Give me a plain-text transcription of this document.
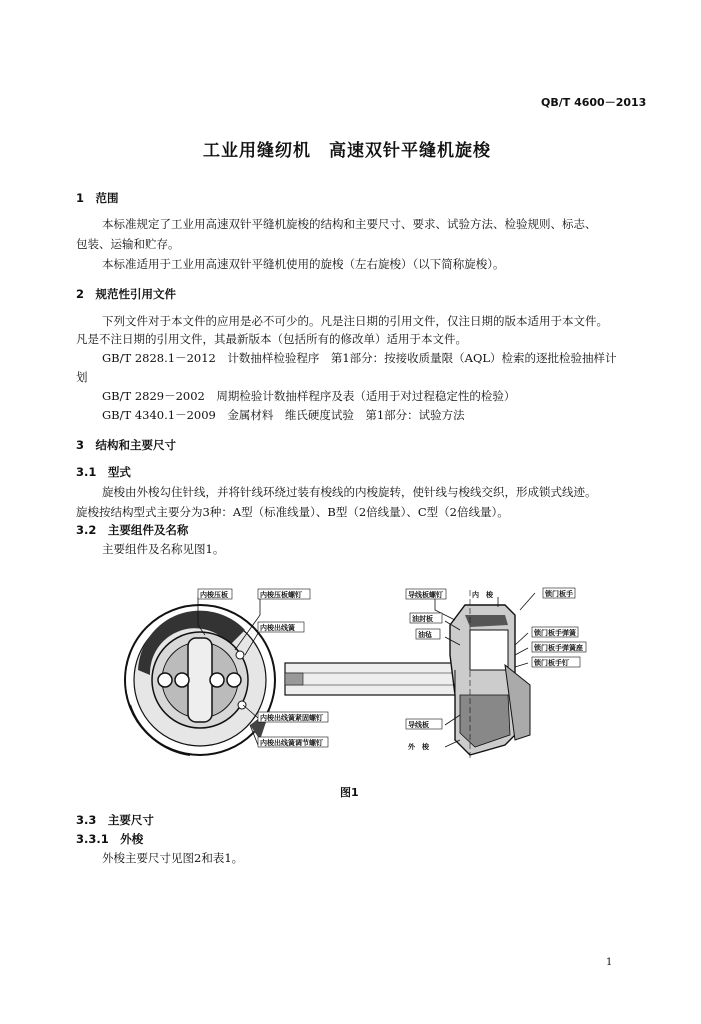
QB/T 4600－2013
工业用缝纫机　高速双针平缝机旋梭
1　范围
本标准规定了工业用高速双针平缝机旋梭的结构和主要尺寸、要求、试验方法、检验规则、标志、
包装、运输和贮存。
本标准适用于工业用高速双针平缝机使用的旋梭（左右旋梭）（以下简称旋梭）。
2　规范性引用文件
下列文件对于本文件的应用是必不可少的。凡是注日期的引用文件，仅注日期的版本适用于本文件。
凡是不注日期的引用文件，其最新版本（包括所有的修改单）适用于本文件。
GB/T 2828.1－2012　计数抽样检验程序　第1部分：按接收质量限（AQL）检索的逐批检验抽样计
划
GB/T 2829－2002　周期检验计数抽样程序及表（适用于对过程稳定性的检验）
GB/T 4340.1－2009　金属材料　维氏硬度试验　第1部分：试验方法
3　结构和主要尺寸
3.1　型式
旋梭由外梭勾住针线，并将针线环绕过装有梭线的内梭旋转，使针线与梭线交织，形成锁式线迹。
旋梭按结构型式主要分为3种：A型（标准线量）、B型（2倍线量）、C型（2倍线量）。
3.2　主要组件及名称
主要组件及名称见图1。
内梭压板	内梭压板螺钉
内梭出线簧
内梭出线簧紧固螺钉
内梭出线簧调节螺钉
导线板螺钉	内　梭	锁门板手
油封板
油毡	锁门板手弹簧
锁门板手弹簧座
锁门板手钉
导线板
外　梭
图1
3.3　主要尺寸
3.3.1　外梭
外梭主要尺寸见图2和表1。
1
